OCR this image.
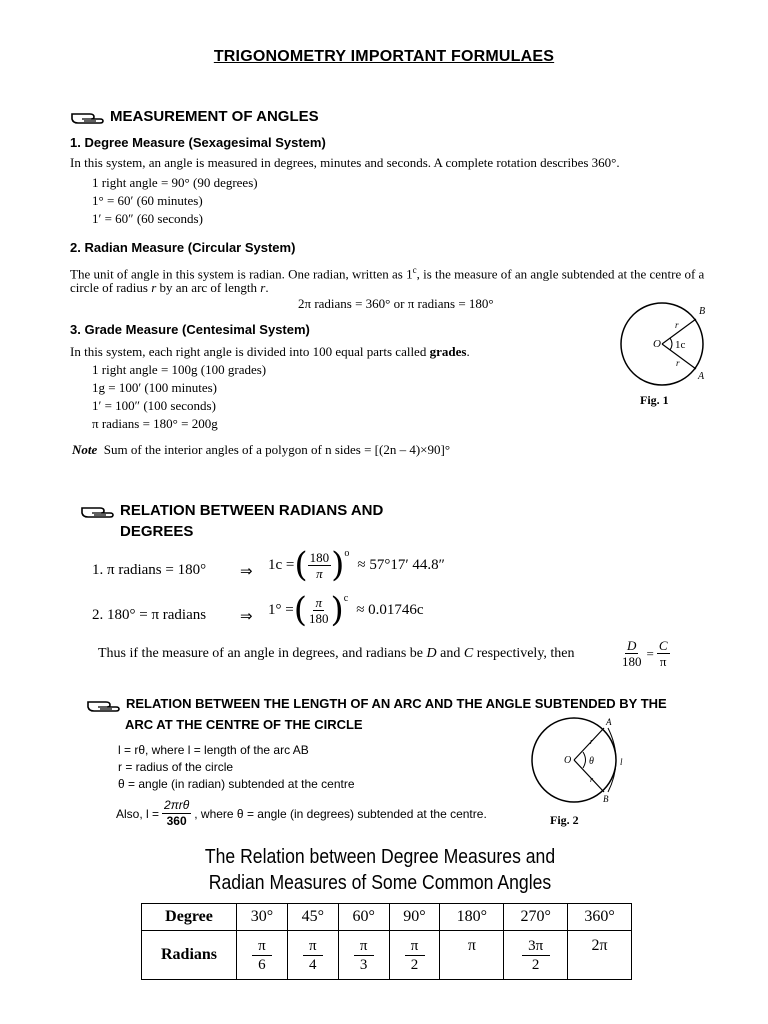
TRIGONOMETRY IMPORTANT FORMULAES
MEASUREMENT OF ANGLES
1. Degree Measure (Sexagesimal System)
In this system, an angle is measured in degrees, minutes and seconds. A complete rotation describes 360°.
1 right angle = 90° (90 degrees)
1° = 60′ (60 minutes)
1′ = 60″ (60 seconds)
2. Radian Measure (Circular System)
The unit of angle in this system is radian. One radian, written as 1$^c$, is the measure of an angle subtended at the centre of a
circle of radius r by an arc of length r.
2π radians = 360° or π radians = 180°
3. Grade Measure (Centesimal System)
In this system, each right angle is divided into 100 equal parts called grades.
1 right angle = 100g (100 grades)
1g = 100′ (100 minutes)
1′ = 100″ (100 seconds)
π radians = 180° = 200g
Note Sum of the interior angles of a polygon of n sides = [(2n – 4)×90]°
O
B
A
r
r
1c
Fig. 1
RELATION BETWEEN RADIANS AND
DEGREES
1. π radians = 180° ⇒ 1c = ( $\frac{180}{\pi} )^o$
≈ 57°17′ 44.8″
2. 180° = π radians ⇒ 1° = ( $\frac{\pi}{180} )^c$
≈ 0.01746c
Thus if the measure of an angle in degrees, and radians be D and C respectively, then	$\frac{D}{180} = \frac{C}{\pi}$
RELATION BETWEEN THE LENGTH OF AN ARC AND THE ANGLE SUBTENDED BY THE
ARC AT THE CENTRE OF THE CIRCLE
l = rθ, where l = length of the arc AB
r = radius of the circle
θ = angle (in radian) subtended at the centre
Also, $l = \frac{\text{2πrθ}}{360}$ , where θ = angle (in degrees) subtended at the centre.
O θ
A
B
l
r
r
Fig. 2
The Relation between Degree Measures and
Radian Measures of Some Common Angles
Degree	30°	45°	60°	90°	180°	270°	360°
Radians	$\frac{\pi}{6}$	$\frac{\pi}{4}$	$\frac{\pi}{3}$	$\frac{\pi}{2}$	π	$\frac{3\pi}{2}$	2π
